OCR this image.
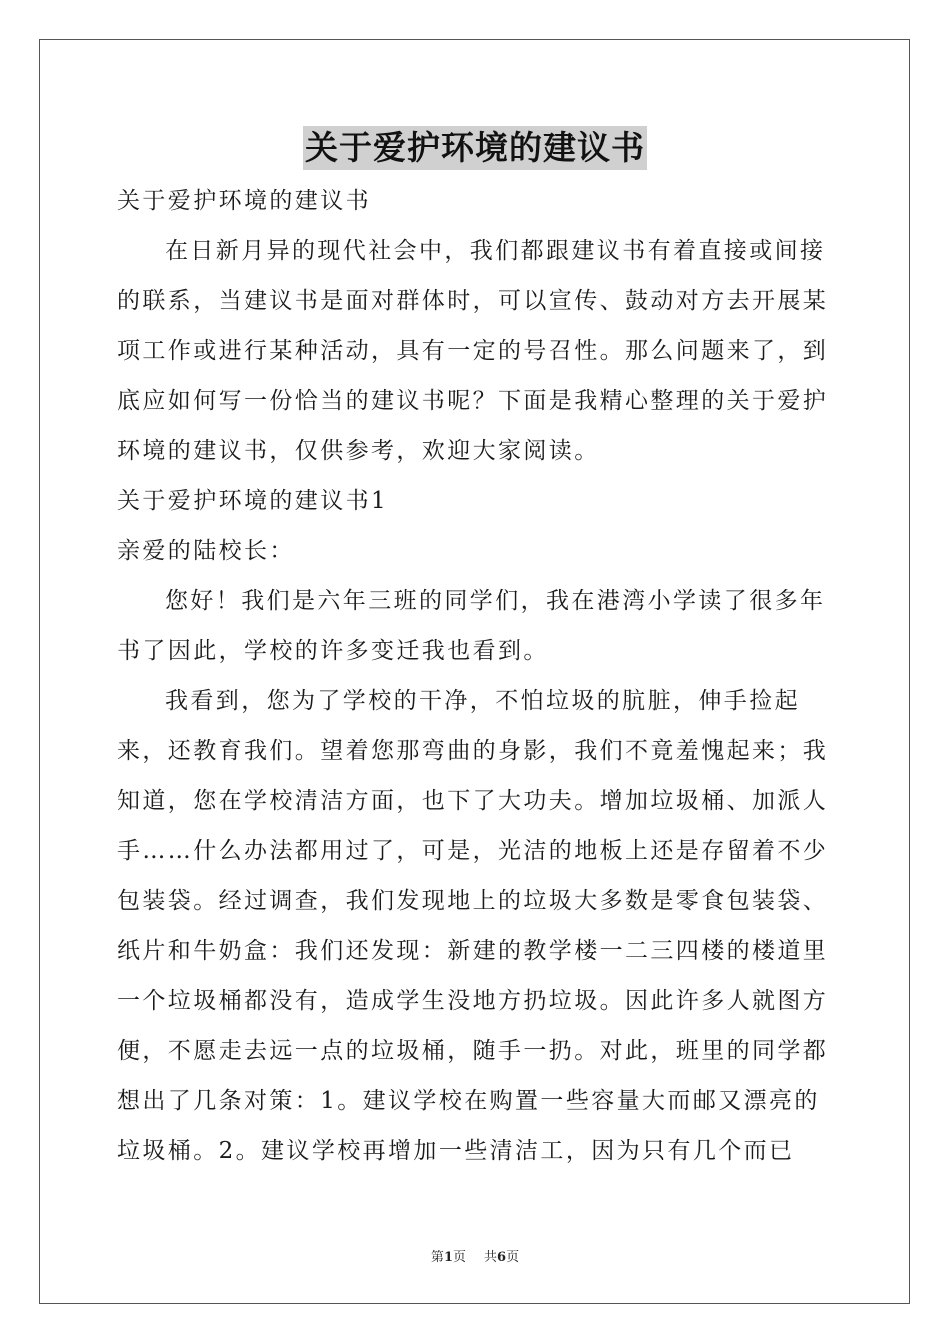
关于爱护环境的建议书

关于爱护环境的建议书

在日新月异的现代社会中，我们都跟建议书有着直接或间接的联系，当建议书是面对群体时，可以宣传、鼓动对方去开展某项工作或进行某种活动，具有一定的号召性。那么问题来了，到底应如何写一份恰当的建议书呢？下面是我精心整理的关于爱护环境的建议书，仅供参考，欢迎大家阅读。

关于爱护环境的建议书1

亲爱的陆校长：

您好！我们是六年三班的同学们，我在港湾小学读了很多年书了因此，学校的许多变迁我也看到。

我看到，您为了学校的干净，不怕垃圾的肮脏，伸手捡起来，还教育我们。望着您那弯曲的身影，我们不竟羞愧起来；我知道，您在学校清洁方面，也下了大功夫。增加垃圾桶、加派人手……什么办法都用过了，可是，光洁的地板上还是存留着不少包装袋。经过调查，我们发现地上的垃圾大多数是零食包装袋、纸片和牛奶盒：我们还发现：新建的教学楼一二三四楼的楼道里一个垃圾桶都没有，造成学生没地方扔垃圾。因此许多人就图方便，不愿走去远一点的垃圾桶，随手一扔。对此，班里的同学都想出了几条对策：1。建议学校在购置一些容量大而邮又漂亮的垃圾桶。2。建议学校再增加一些清洁工，因为只有几个而已

第1页 共6页
